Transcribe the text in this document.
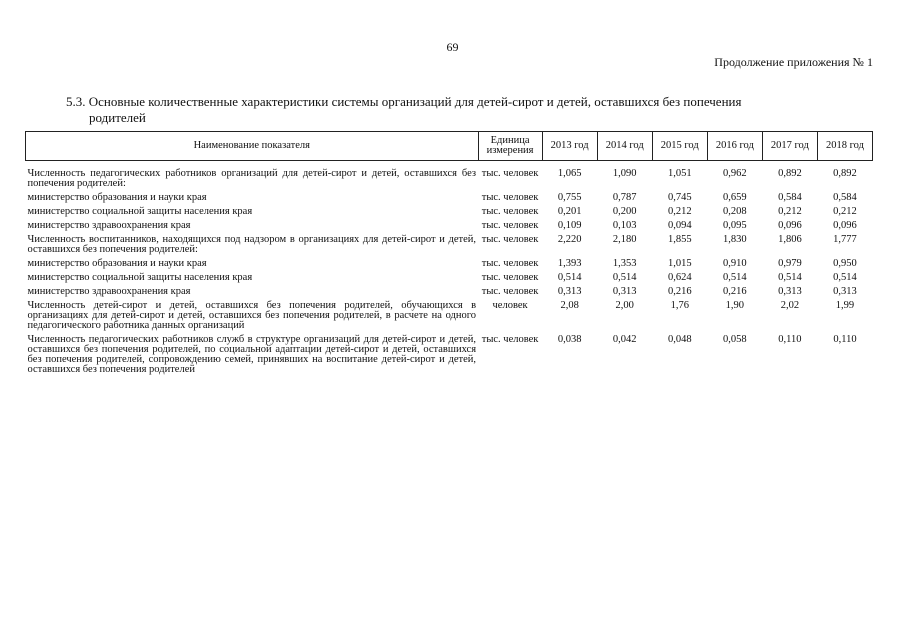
69
Продолжение приложения № 1
5.3. Основные количественные характеристики системы организаций для детей-сирот и детей, оставшихся без попечения
родителей
Наименование показателя	Единица измерения	2013 год	2014 год	2015 год	2016 год	2017 год	2018 год
Численность педагогических работников организаций для детей-сирот и детей, оставшихся без попечения родителей:	тыс. человек	1,065	1,090	1,051	0,962	0,892	0,892
министерство образования и науки края	тыс. человек	0,755	0,787	0,745	0,659	0,584	0,584
министерство социальной защиты населения края	тыс. человек	0,201	0,200	0,212	0,208	0,212	0,212
министерство здравоохранения края	тыс. человек	0,109	0,103	0,094	0,095	0,096	0,096
Численность воспитанников, находящихся под надзором в организациях для детей-сирот и детей, оставшихся без попечения родителей:	тыс. человек	2,220	2,180	1,855	1,830	1,806	1,777
министерство образования и науки края	тыс. человек	1,393	1,353	1,015	0,910	0,979	0,950
министерство социальной защиты населения края	тыс. человек	0,514	0,514	0,624	0,514	0,514	0,514
министерство здравоохранения края	тыс. человек	0,313	0,313	0,216	0,216	0,313	0,313
Численность детей-сирот и детей, оставшихся без попечения родителей, обучающихся в организациях для детей-сирот и детей, оставшихся без попечения родителей, в расчете на одного педагогического работника данных организаций	человек	2,08	2,00	1,76	1,90	2,02	1,99
Численность педагогических работников служб в структуре организаций для детей-сирот и детей, оставшихся без попечения родителей, по социальной адаптации детей-сирот и детей, оставшихся без попечения родителей, сопровождению семей, принявших на воспитание детей-сирот и детей, оставшихся без попечения родителей	тыс. человек	0,038	0,042	0,048	0,058	0,110	0,110
